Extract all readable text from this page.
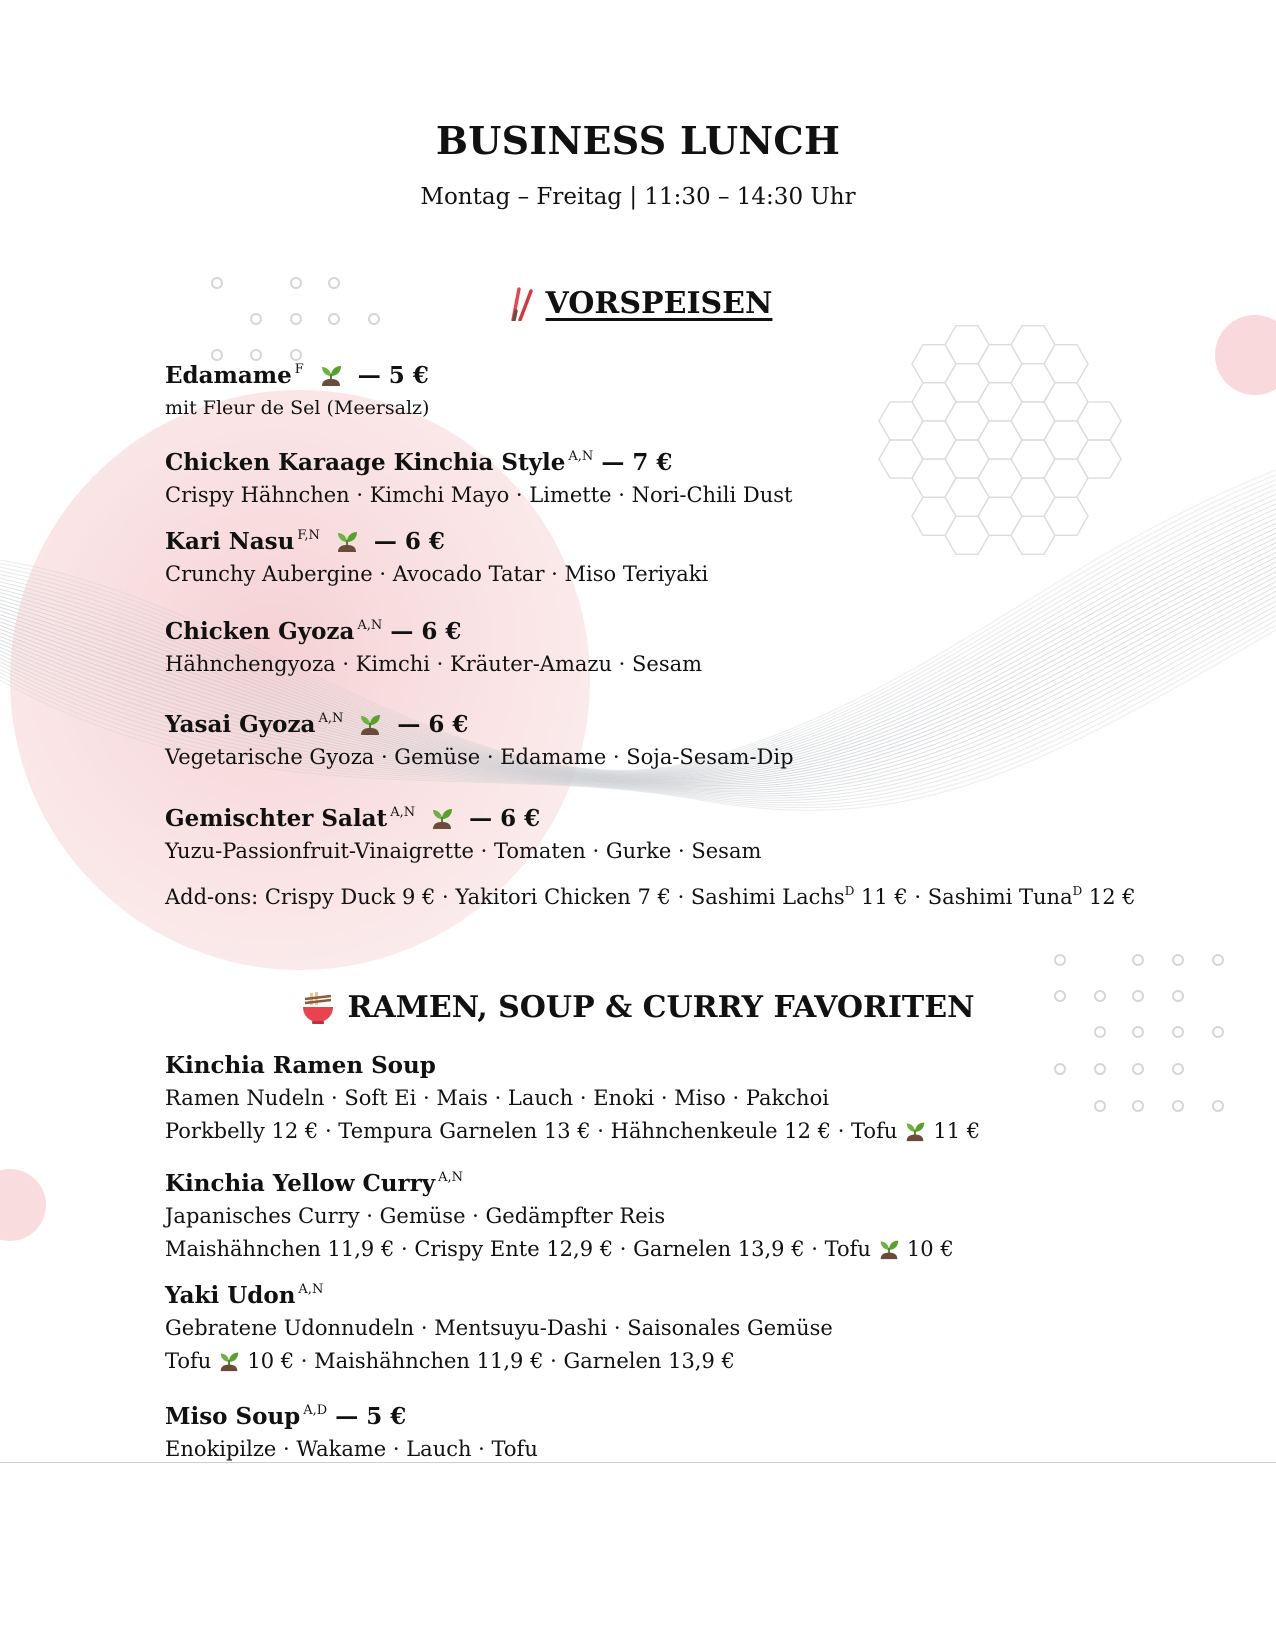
BUSINESS LUNCH
Montag – Freitag | 11:30 – 14:30 Uhr
VORSPEISEN
Edamame $^F$ — 5 €
mit Fleur de Sel (Meersalz)
Chicken Karaage Kinchia Style $^{A,N}$ — 7 €
Crispy Hähnchen · Kimchi Mayo · Limette · Nori-Chili Dust
Kari Nasu $^{F,N}$ — 6 €
Crunchy Aubergine · Avocado Tatar · Miso Teriyaki
Chicken Gyoza $^{A,N}$ — 6 €
Hähnchengyoza · Kimchi · Kräuter-Amazu · Sesam
Yasai Gyoza $^{A,N}$ — 6 €
Vegetarische Gyoza · Gemüse · Edamame · Soja-Sesam-Dip
Gemischter Salat $^{A,N}$ — 6 €
Yuzu-Passionfruit-Vinaigrette · Tomaten · Gurke · Sesam
Add-ons: Crispy Duck 9 € · Yakitori Chicken 7 € · Sashimi Lachs$^D$ 11 € · Sashimi Tuna$^D$ 12 €
RAMEN, SOUP & CURRY FAVORITEN
Kinchia Ramen Soup
Ramen Nudeln · Soft Ei · Mais · Lauch · Enoki · Miso · Pakchoi
Porkbelly 12 € · Tempura Garnelen 13 € · Hähnchenkeule 12 € · Tofu 11 €
Kinchia Yellow Curry $^{A,N}$
Japanisches Curry · Gemüse · Gedämpfter Reis
Maishähnchen 11,9 € · Crispy Ente 12,9 € · Garnelen 13,9 € · Tofu 10 €
Yaki Udon $^{A,N}$
Gebratene Udonnudeln · Mentsuyu-Dashi · Saisonales Gemüse
Tofu 10 € · Maishähnchen 11,9 € · Garnelen 13,9 €
Miso Soup $^{A,D}$ — 5 €
Enokipilze · Wakame · Lauch · Tofu
